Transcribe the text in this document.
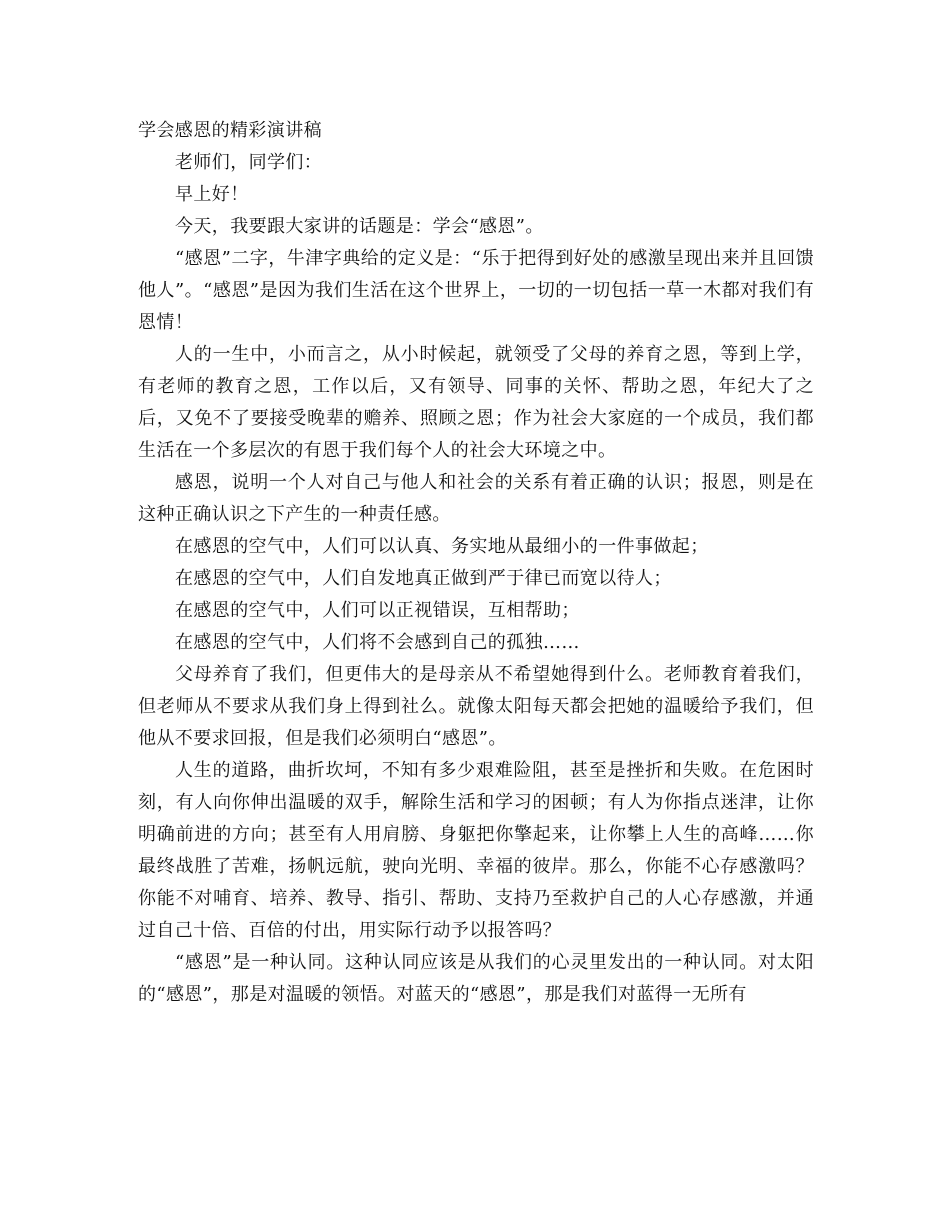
学会感恩的精彩演讲稿

老师们，同学们：

早上好！

今天，我要跟大家讲的话题是：学会“感恩”。

“感恩”二字，牛津字典给的定义是：“乐于把得到好处的感激呈现出来并且回馈他人”。“感恩”是因为我们生活在这个世界上，一切的一切包括一草一木都对我们有恩情！

人的一生中，小而言之，从小时候起，就领受了父母的养育之恩，等到上学，有老师的教育之恩，工作以后，又有领导、同事的关怀、帮助之恩，年纪大了之后，又免不了要接受晚辈的赡养、照顾之恩；作为社会大家庭的一个成员，我们都生活在一个多层次的有恩于我们每个人的社会大环境之中。

感恩，说明一个人对自己与他人和社会的关系有着正确的认识；报恩，则是在这种正确认识之下产生的一种责任感。

在感恩的空气中，人们可以认真、务实地从最细小的一件事做起；

在感恩的空气中，人们自发地真正做到严于律已而宽以待人；

在感恩的空气中，人们可以正视错误，互相帮助；

在感恩的空气中，人们将不会感到自己的孤独……

父母养育了我们，但更伟大的是母亲从不希望她得到什么。老师教育着我们，但老师从不要求从我们身上得到社么。就像太阳每天都会把她的温暖给予我们，但他从不要求回报，但是我们必须明白“感恩”。

人生的道路，曲折坎坷，不知有多少艰难险阻，甚至是挫折和失败。在危困时刻，有人向你伸出温暖的双手，解除生活和学习的困顿；有人为你指点迷津，让你明确前进的方向；甚至有人用肩膀、身躯把你擎起来，让你攀上人生的高峰……你最终战胜了苦难，扬帆远航，驶向光明、幸福的彼岸。那么，你能不心存感激吗？你能不对哺育、培养、教导、指引、帮助、支持乃至救护自己的人心存感激，并通过自己十倍、百倍的付出，用实际行动予以报答吗？

“感恩”是一种认同。这种认同应该是从我们的心灵里发出的一种认同。对太阳的“感恩”，那是对温暖的领悟。对蓝天的“感恩”，那是我们对蓝得一无所有
